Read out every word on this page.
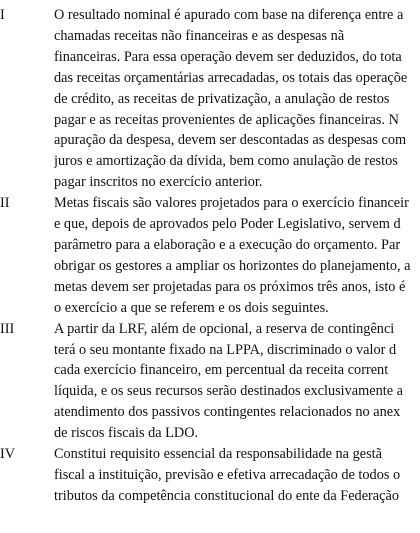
I	O resultado nominal é apurado com base na diferença entre a
chamadas receitas não financeiras e as despesas nã
financeiras. Para essa operação devem ser deduzidos, do tota
das receitas orçamentárias arrecadadas, os totais das operaçõe
de crédito, as receitas de privatização, a anulação de restos
pagar e as receitas provenientes de aplicações financeiras. N
apuração da despesa, devem ser descontadas as despesas com
juros e amortização da dívida, bem como anulação de restos
pagar inscritos no exercício anterior.
II	Metas fiscais são valores projetados para o exercício financeir
e que, depois de aprovados pelo Poder Legislativo, servem d
parâmetro para a elaboração e a execução do orçamento. Par
obrigar os gestores a ampliar os horizontes do planejamento, a
metas devem ser projetadas para os próximos três anos, isto é
o exercício a que se referem e os dois seguintes.
III	A partir da LRF, além de opcional, a reserva de contingênci
terá o seu montante fixado na LPPA, discriminado o valor d
cada exercício financeiro, em percentual da receita corrent
líquida, e os seus recursos serão destinados exclusivamente a
atendimento dos passivos contingentes relacionados no anex
de riscos fiscais da LDO.
IV	Constitui requisito essencial da responsabilidade na gestã
fiscal a instituição, previsão e efetiva arrecadação de todos o
tributos da competência constitucional do ente da Federação
